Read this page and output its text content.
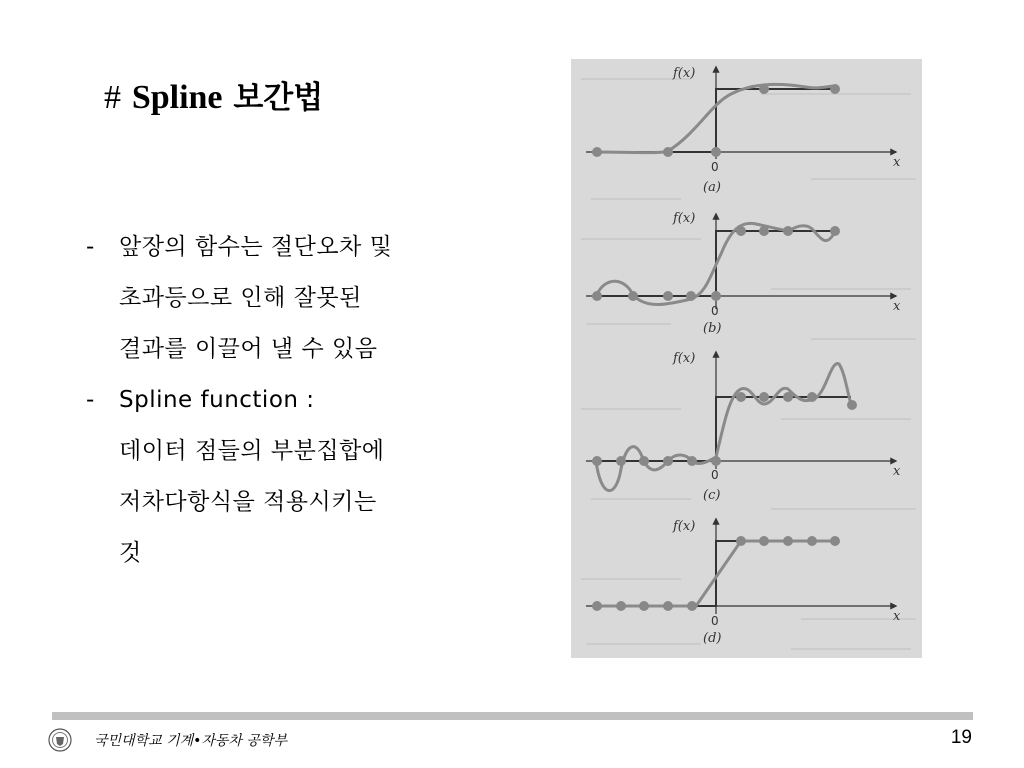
# Spline 보간법
- 앞장의 함수는 절단오차 및
초과등으로 인해 잘못된
결과를 이끌어 낼 수 있음
- Spline function :
데이터 점들의 부분집합에
저차다항식을 적용시키는
것
f(x)
x
0
(a)
f(x)
x
0
(b)
f(x)
x
0
(c)
f(x)
x
0
(d)
국민대학교 기계•자동차 공학부	19
